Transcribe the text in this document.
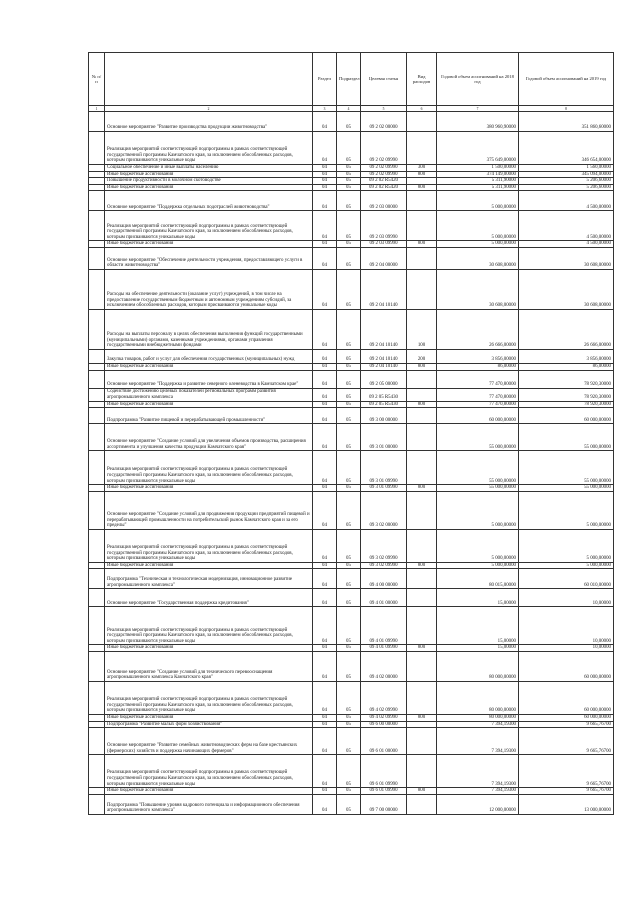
№ п/п		Раздел	Подраздел	Целевая статья	Вид расходов	Годовой объем ассигнований на 2018 год	Годовой объем ассигнований на 2019 год
1	2	3	4	5	6	7	8
	Основное мероприятие "Развитие производства продукции животноводства"	04	05	09 2 02 00000		380 960,90000	351 860,60000
	Реализация мероприятий соответствующей подпрограммы в рамках соответствующей государственной программы Камчатского края, за исключением обособленных расходов, которым присваиваются уникальные коды	04	05	09 2 02 09990		375 649,00000	346 654,00000
	Социальное обеспечение и иные выплаты населению	04	05	09 2 02 09990	300	1 500,00000	1 560,00000
	Иные бюджетные ассигнования	04	05	09 2 02 09990	800	374 149,00000	345 094,00000
	Повышение продуктивности в молочном скотоводстве	04	05	09 2 02 R5420		5 311,90000	5 206,60000
	Иные бюджетные ассигнования	04	05	09 2 02 R5420	800	5 311,90000	5 206,60000
	Основное мероприятие "Поддержка отдельных подотраслей животноводства"	04	05	09 2 03 00000		5 000,00000	4 500,00000
	Реализация мероприятий соответствующей подпрограммы в рамках соответствующей государственной программы Камчатского края, за исключением обособленных расходов, которым присваиваются уникальные коды	04	05	09 2 03 09990		5 000,00000	4 500,00000
	Иные бюджетные ассигнования	04	05	09 2 03 09990	800	5 000,00000	4 500,00000
	Основное мероприятие "Обеспечение деятельности учреждения, предоставляющего услуги в области животноводства"	04	05	09 2 04 00000		30 608,00000	30 608,00000
	Расходы на обеспечение деятельности (оказание услуг) учреждений, в том числе на предоставление государственным бюджетным и автономным учреждениям субсидий, за исключением обособленных расходов, которым присваиваются уникальные коды	04	05	09 2 04 10140		30 608,00000	30 608,00000
	Расходы на выплаты персоналу в целях обеспечения выполнения функций государственными (муниципальными) органами, казенными учреждениями, органами управления государственными внебюджетными фондами	04	05	09 2 04 10140	100	26 666,00000	26 666,00000
	Закупка товаров, работ и услуг для обеспечения государственных (муниципальных) нужд	04	05	09 2 04 10140	200	3 856,00000	3 856,00000
	Иные бюджетные ассигнования	04	05	09 2 04 10140	800	86,00000	86,00000
	Основное мероприятие "Поддержка и развитие северного оленеводства в Камчатском крае"	04	05	09 2 05 00000		77 470,80000	78 920,30000
	Содействие достижению целевых показателей региональных программ развития агропромышленного комплекса	04	05	09 2 05 R5430		77 470,80000	78 920,30000
	Иные бюджетные ассигнования	04	05	09 2 05 R5430	800	77 470,80000	78 920,30000
	Подпрограмма "Развитие пищевой и перерабатывающей промышленности"	04	05	09 3 00 00000		60 000,00000	60 000,00000
	Основное мероприятие "Создание условий для увеличения объемов производства, расширения ассортимента и улучшения качества продукции Камчатского края"	04	05	09 3 01 00000		55 000,00000	55 000,00000
	Реализация мероприятий соответствующей подпрограммы в рамках соответствующей государственной программы Камчатского края, за исключением обособленных расходов, которым присваиваются уникальные коды	04	05	09 3 01 09990		55 000,00000	55 000,00000
	Иные бюджетные ассигнования	04	05	09 3 01 09990	800	55 000,00000	55 000,00000
	Основное мероприятие "Создание условий для продвижения продукции предприятий пищевой и перерабатывающей промышленности на потребительский рынок Камчатского края и за его пределы"	04	05	09 3 02 00000		5 000,00000	5 000,00000
	Реализация мероприятий соответствующей подпрограммы в рамках соответствующей государственной программы Камчатского края, за исключением обособленных расходов, которым присваиваются уникальные коды	04	05	09 3 02 09990		5 000,00000	5 000,00000
	Иные бюджетные ассигнования	04	05	09 3 02 09990	800	5 000,00000	5 000,00000
	Подпрограмма "Техническая и технологическая модернизация, инновационное развитие агропромышленного комплекса"	04	05	09 4 00 00000		80 015,00000	60 010,00000
	Основное мероприятие "Государственная поддержка кредитования"	04	05	09 4 01 00000		15,00000	10,00000
	Реализация мероприятий соответствующей подпрограммы в рамках соответствующей государственной программы Камчатского края, за исключением обособленных расходов, которым присваиваются уникальные коды	04	05	09 4 01 09990		15,00000	10,00000
	Иные бюджетные ассигнования	04	05	09 4 01 09990	800	15,00000	10,00000
	Основное мероприятие "Создание условий для технического перевооснащения агропромышленного комплекса Камчатского края"	04	05	09 4 02 00000		80 000,00000	60 000,00000
	Реализация мероприятий соответствующей подпрограммы в рамках соответствующей государственной программы Камчатского края, за исключением обособленных расходов, которым присваиваются уникальные коды	04	05	09 4 02 09990		80 000,00000	60 000,00000
	Иные бюджетные ассигнования	04	05	09 4 02 09990	800	80 000,00000	60 000,00000
	Подпрограмма "Развитие малых форм хозяйствования"	04	05	09 6 00 00000		7 394,19300	9 665,76700
	Основное мероприятие "Развитие семейных животноводческих ферм на базе крестьянских (фермерских) хозяйств и поддержка начинающих фермеров"	04	05	09 6 01 00000		7 394,19300	9 665,76700
	Реализация мероприятий соответствующей подпрограммы в рамках соответствующей государственной программы Камчатского края, за исключением обособленных расходов, которым присваиваются уникальные коды	04	05	09 6 01 09990		7 394,19300	9 665,76700
	Иные бюджетные ассигнования	04	05	09 6 01 09990	800	7 394,19300	9 665,76700
	Подпрограмма "Повышение уровня кадрового потенциала и информационного обеспечения агропромышленного комплекса"	04	05	09 7 00 00000		12 000,00000	13 000,00000
